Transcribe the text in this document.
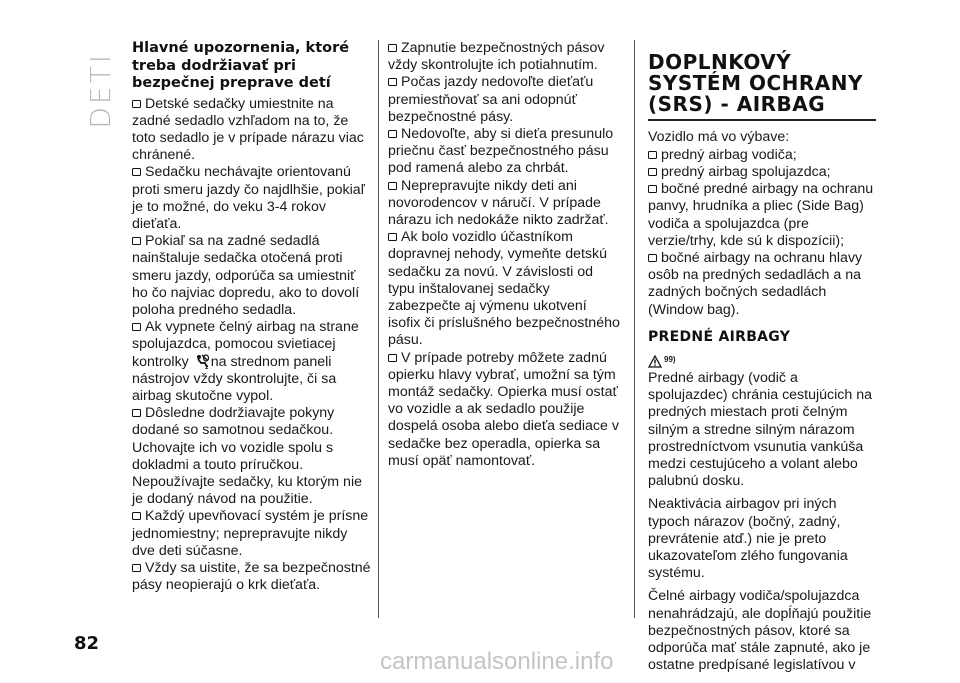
DETI
Hlavné upozornenia, ktoré treba dodržiavať pri bezpečnej preprave detí

Detské sedačky umiestnite na zadné sedadlo vzhľadom na to, že toto sedadlo je v prípade nárazu viac chránené.

Sedačku nechávajte orientovanú proti smeru jazdy čo najdlhšie, pokiaľ je to možné, do veku 3-4 rokov dieťaťa.

Pokiaľ sa na zadné sedadlá nainštaluje sedačka otočená proti smeru jazdy, odporúča sa umiestniť ho čo najviac dopredu, ako to dovolí poloha predného sedadla.

Ak vypnete čelný airbag na strane spolujazdca, pomocou svietiacej kontrolky	2 na strednom paneli nástrojov vždy skontrolujte, či sa airbag skutočne vypol.

Dôsledne dodržiavajte pokyny dodané so samotnou sedačkou. Uchovajte ich vo vozidle spolu s dokladmi a touto príručkou. Nepoužívajte sedačky, ku ktorým nie je dodaný návod na použitie.

Každý upevňovací systém je prísne jednomiestny; neprepravujte nikdy dve deti súčasne.

Vždy sa uistite, že sa bezpečnostné pásy neopierajú o krk dieťaťa.

Zapnutie bezpečnostných pásov vždy skontrolujte ich potiahnutím.

Počas jazdy nedovoľte dieťaťu premiestňovať sa ani odopnúť bezpečnostné pásy.

Nedovoľte, aby si dieťa presunulo priečnu časť bezpečnostného pásu pod ramená alebo za chrbát.

Neprepravujte nikdy deti ani novorodencov v náručí. V prípade nárazu ich nedokáže nikto zadržať.

Ak bolo vozidlo účastníkom dopravnej nehody, vymeňte detskú sedačku za novú. V závislosti od typu inštalovanej sedačky zabezpečte aj výmenu ukotvení isofix či príslušného bezpečnostného pásu.

V prípade potreby môžete zadnú opierku hlavy vybrať, umožní sa tým montáž sedačky. Opierka musí ostať vo vozidle a ak sedadlo použije dospelá osoba alebo dieťa sediace v sedačke bez operadla, opierka sa musí opäť namontovať.

DOPLNKOVÝ
SYSTÉM OCHRANY
(SRS) - AIRBAG

Vozidlo má vo výbave:

predný airbag vodiča;

predný airbag spolujazdca;

bočné predné airbagy na ochranu panvy, hrudníka a pliec (Side Bag) vodiča a spolujazdca (pre verzie/trhy, kde sú k dispozícii);

bočné airbagy na ochranu hlavy osôb na predných sedadlách a na zadných bočných sedadlách (Window bag).

PREDNÉ AIRBAGY
99)

Predné airbagy (vodič a spolujazdec) chránia cestujúcich na predných miestach proti čelným silným a stredne silným nárazom prostredníctvom vsunutia vankúša medzi cestujúceho a volant alebo palubnú dosku.

Neaktivácia airbagov pri iných typoch nárazov (bočný, zadný, prevrátenie atď.) nie je preto ukazovateľom zlého fungovania systému.

Čelné airbagy vodiča/spolujazdca nenahrádzajú, ale dopĺňajú použitie bezpečnostných pásov, ktoré sa odporúča mať stále zapnuté, ako je ostatne predpísané legislatívou v

82
carmanualsonline.info
